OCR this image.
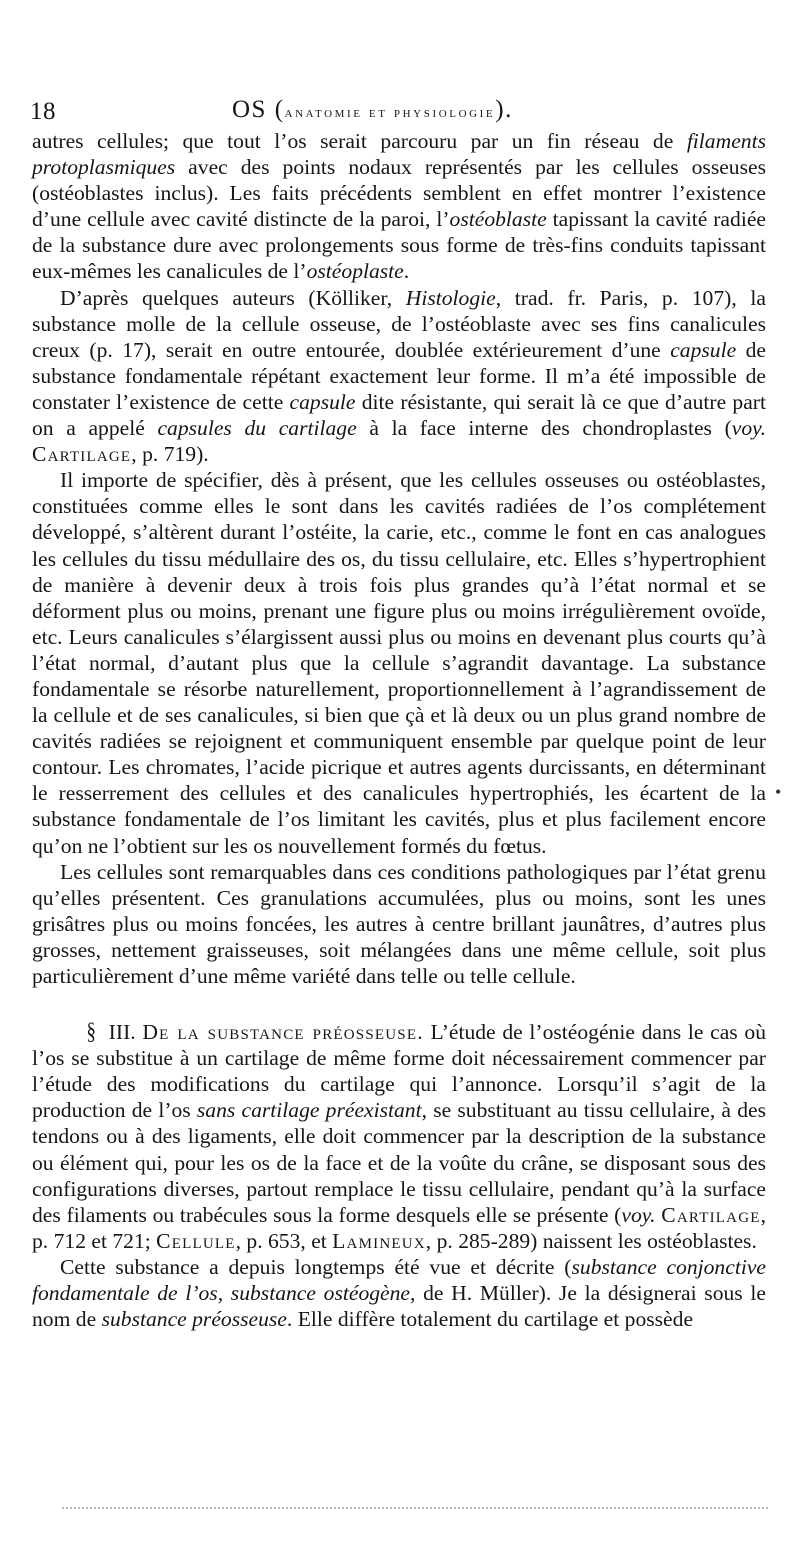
18	OS (anatomie et physiologie).

autres cellules; que tout l’os serait parcouru par un fin réseau de filaments protoplasmiques avec des points nodaux représentés par les cellules osseuses (ostéoblastes inclus). Les faits précédents semblent en effet montrer l’existence d’une cellule avec cavité distincte de la paroi, l’ostéoblaste tapissant la cavité radiée de la substance dure avec prolongements sous forme de très-fins conduits tapissant eux-mêmes les canalicules de l’ostéoplaste.

D’après quelques auteurs (Kölliker, Histologie, trad. fr. Paris, p. 107), la substance molle de la cellule osseuse, de l’ostéoblaste avec ses fins canalicules creux (p. 17), serait en outre entourée, doublée extérieurement d’une capsule de substance fondamentale répétant exactement leur forme. Il m’a été impossible de constater l’existence de cette capsule dite résistante, qui serait là ce que d’autre part on a appelé capsules du cartilage à la face interne des chondroplastes (voy. Cartilage, p. 719).

Il importe de spécifier, dès à présent, que les cellules osseuses ou ostéoblastes, constituées comme elles le sont dans les cavités radiées de l’os complétement développé, s’altèrent durant l’ostéite, la carie, etc., comme le font en cas analogues les cellules du tissu médullaire des os, du tissu cellulaire, etc. Elles s’hypertrophient de manière à devenir deux à trois fois plus grandes qu’à l’état normal et se déforment plus ou moins, prenant une figure plus ou moins irrégulièrement ovoïde, etc. Leurs canalicules s’élargissent aussi plus ou moins en devenant plus courts qu’à l’état normal, d’autant plus que la cellule s’agrandit davantage. La substance fondamentale se résorbe naturellement, proportionnellement à l’agrandissement de la cellule et de ses canalicules, si bien que çà et là deux ou un plus grand nombre de cavités radiées se rejoignent et communiquent ensemble par quelque point de leur contour. Les chromates, l’acide picrique et autres agents durcissants, en déterminant le resserrement des cellules et des canalicules hypertrophiés, les écartent de la substance fondamentale de l’os limitant les cavités, plus et plus facilement encore qu’on ne l’obtient sur les os nouvellement formés du fœtus.

Les cellules sont remarquables dans ces conditions pathologiques par l’état grenu qu’elles présentent. Ces granulations accumulées, plus ou moins, sont les unes grisâtres plus ou moins foncées, les autres à centre brillant jaunâtres, d’autres plus grosses, nettement graisseuses, soit mélangées dans une même cellule, soit plus particulièrement d’une même variété dans telle ou telle cellule.

§ III. De la substance préosseuse. L’étude de l’ostéogénie dans le cas où l’os se substitue à un cartilage de même forme doit nécessairement commencer par l’étude des modifications du cartilage qui l’annonce. Lorsqu’il s’agit de la production de l’os sans cartilage préexistant, se substituant au tissu cellulaire, à des tendons ou à des ligaments, elle doit commencer par la description de la substance ou élément qui, pour les os de la face et de la voûte du crâne, se disposant sous des configurations diverses, partout remplace le tissu cellulaire, pendant qu’à la surface des filaments ou trabécules sous la forme desquels elle se présente (voy. Cartilage, p. 712 et 721; Cellule, p. 653, et Lamineux, p. 285-289) naissent les ostéoblastes.

Cette substance a depuis longtemps été vue et décrite (substance conjonctive fondamentale de l’os, substance ostéogène, de H. Müller). Je la désignerai sous le nom de substance préosseuse. Elle diffère totalement du cartilage et possède

•
